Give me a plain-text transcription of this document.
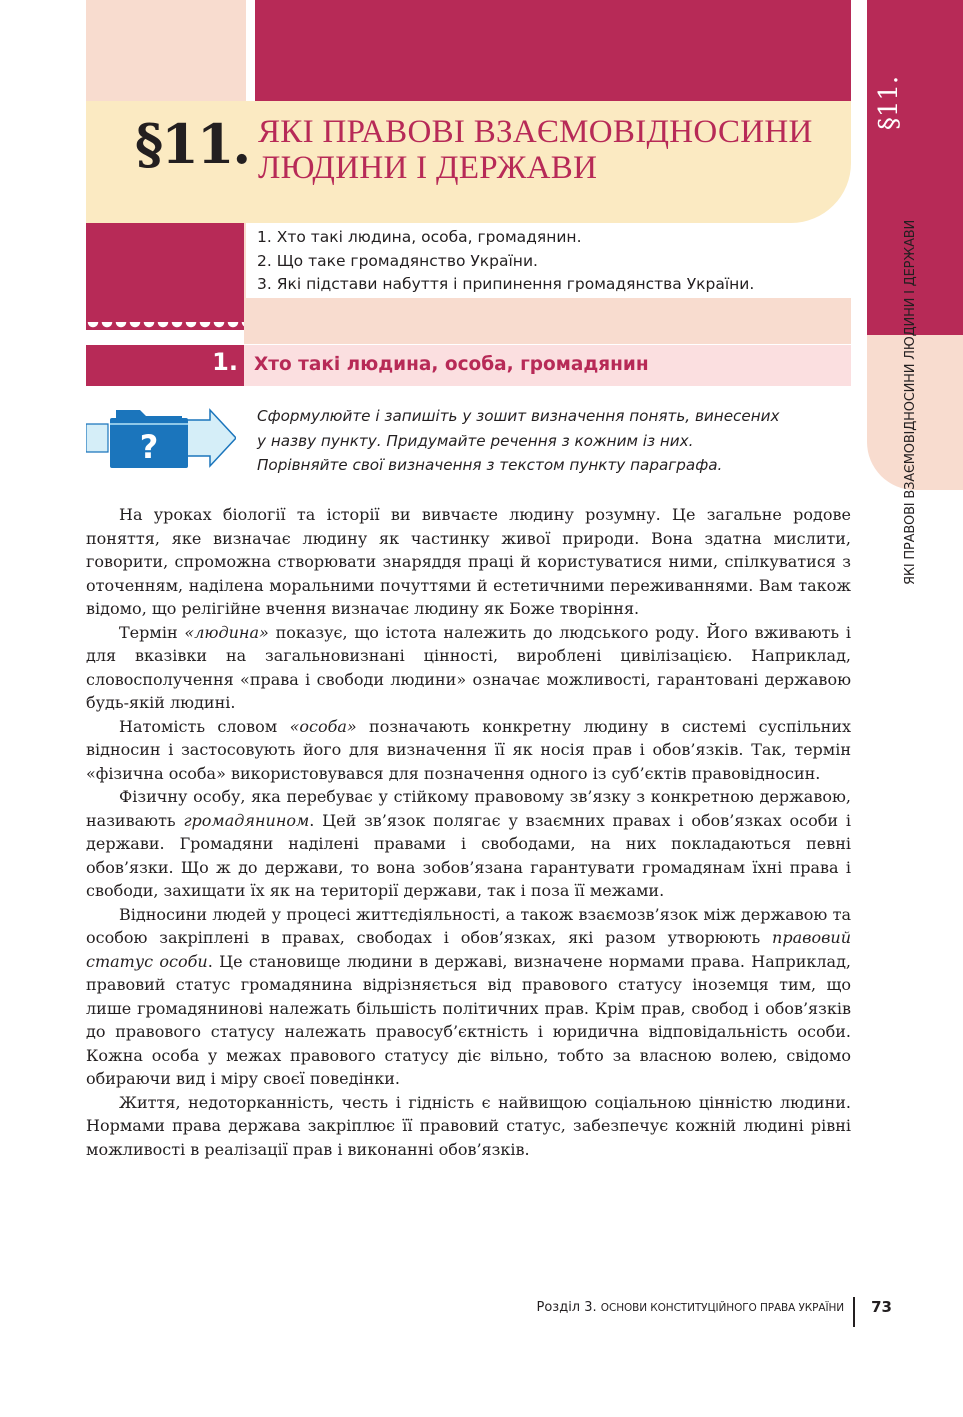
§11.
ЯКІ ПРАВОВІ ВЗАЄМОВІДНОСИНИ ЛЮДИНИ І ДЕРЖАВИ
§11. ЯКІ ПРАВОВІ ВЗАЄМОВІДНОСИНИ
ЛЮДИНИ І ДЕРЖАВИ
1. Хто такі людина, особа, громадянин.
2. Що таке громадянство України.
3. Які підстави набуття і припинення громадянства України.
1. Хто такі людина, особа, громадянин
?
Сформулюйте і запишіть у зошит визначення понять, винесених
у назву пункту. Придумайте речення з кожним із них.
Порівняйте свої визначення з текстом пункту параграфа.

На уроках біології та історії ви вивчаєте людину розумну. Це загальне родове поняття, яке визначає людину як частинку живої природи. Вона здатна мислити, говорити, спроможна створювати знаряддя праці й користуватися ними, спілкуватися з оточенням, наділена моральними почуттями й естетичними переживаннями. Вам також відомо, що релігійне вчення визначає людину як Боже творіння.

Термін «людина» показує, що істота належить до людського роду. Його вживають і для вказівки на загальновизнані цінності, вироблені цивілізацією. Наприклад, словосполучення «права і свободи людини» означає можливості, гарантовані державою будь-якій людині.

Натомість словом «особа» позначають конкретну людину в системі суспільних відносин і застосовують його для визначення її як носія прав і обов’язків. Так, термін «фізична особа» використовувався для позначення одного із суб’єктів правовідносин.

Фізичну особу, яка перебуває у стійкому правовому зв’язку з конкретною державою, називають громадянином. Цей зв’язок полягає у взаємних правах і обов’язках особи і держави. Громадяни наділені правами і свободами, на них покладаються певні обов’язки. Що ж до держави, то вона зобов’язана гарантувати громадянам їхні права і свободи, захищати їх як на території держави, так і поза її межами.

Відносини людей у процесі життєдіяльності, а також взаємозв’язок між державою та особою закріплені в правах, свободах і обов’язках, які разом утворюють правовий статус особи. Це становище людини в державі, визначене нормами права. Наприклад, правовий статус громадянина відрізняється від правового статусу іноземця тим, що лише громадянинові належать більшість політичних прав. Крім прав, свобод і обов’язків до правового статусу належать правосуб’єктність і юридична відповідальність особи. Кожна особа у межах правового статусу діє вільно, тобто за власною волею, свідомо обираючи вид і міру своєї поведінки.

Життя, недоторканність, честь і гідність є найвищою соціальною цінністю людини. Нормами права держава закріплює її правовий статус, забезпечує кожній людині рівні можливості в реалізації прав і виконанні обов’язків.

Розділ 3. ОСНОВИ КОНСТИТУЦІЙНОГО ПРАВА УКРАЇНИ 73
